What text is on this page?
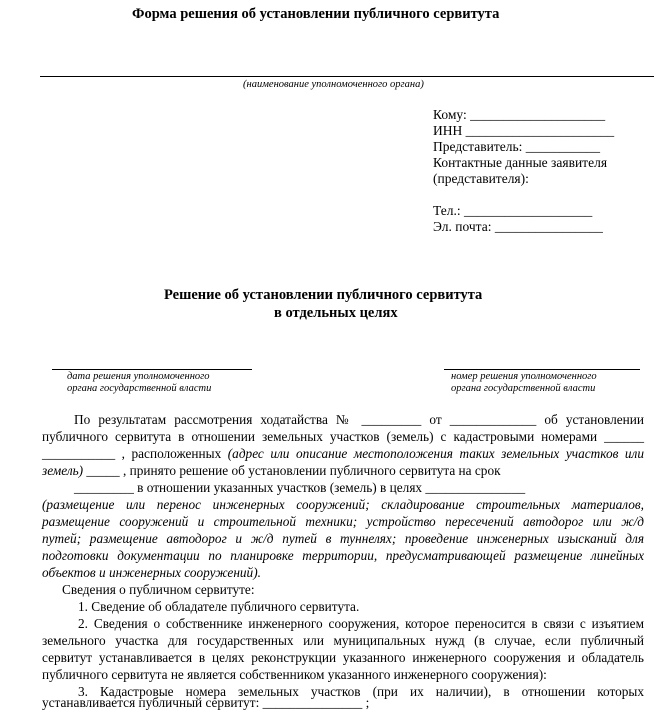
Форма решения об установлении публичного сервитута
(наименование уполномоченного органа)
Кому: ____________________
ИНН ______________________
Представитель: ___________
Контактные данные заявителя
(представителя):
Тел.: ___________________
Эл. почта: ________________
Решение об установлении публичного сервитута
в отдельных целях
дата решения уполномоченного
органа государственной власти
номер решения уполномоченного
органа государственной власти
По результатам рассмотрения ходатайства № _________ от _____________ об установлении
публичного сервитута в отношении земельных участков (земель) с кадастровыми номерами ______
___________ , расположенных (адрес или описание местоположения таких земельных участков или
земель) _____ , принято решение об установлении публичного сервитута на срок
_________ в отношении указанных участков (земель) в целях _______________
(размещение или перенос инженерных сооружений; складирование строительных материалов,
размещение сооружений и строительной техники; устройство пересечений автодорог или ж/д
путей; размещение автодорог и ж/д путей в туннелях; проведение инженерных изысканий для
подготовки документации по планировке территории, предусматривающей размещение линейных
объектов и инженерных сооружений).
Сведения о публичном сервитуте:
1. Сведение об обладателе публичного сервитута.
2. Сведения о собственнике инженерного сооружения, которое переносится в связи с изъятием
земельного участка для государственных или муниципальных нужд (в случае, если публичный
сервитут устанавливается в целях реконструкции указанного инженерного сооружения и обладатель
публичного сервитута не является собственником указанного инженерного сооружения):
3. Кадастровые номера земельных участков (при их наличии), в отношении которых
устанавливается публичный сервитут: _______________ ;
